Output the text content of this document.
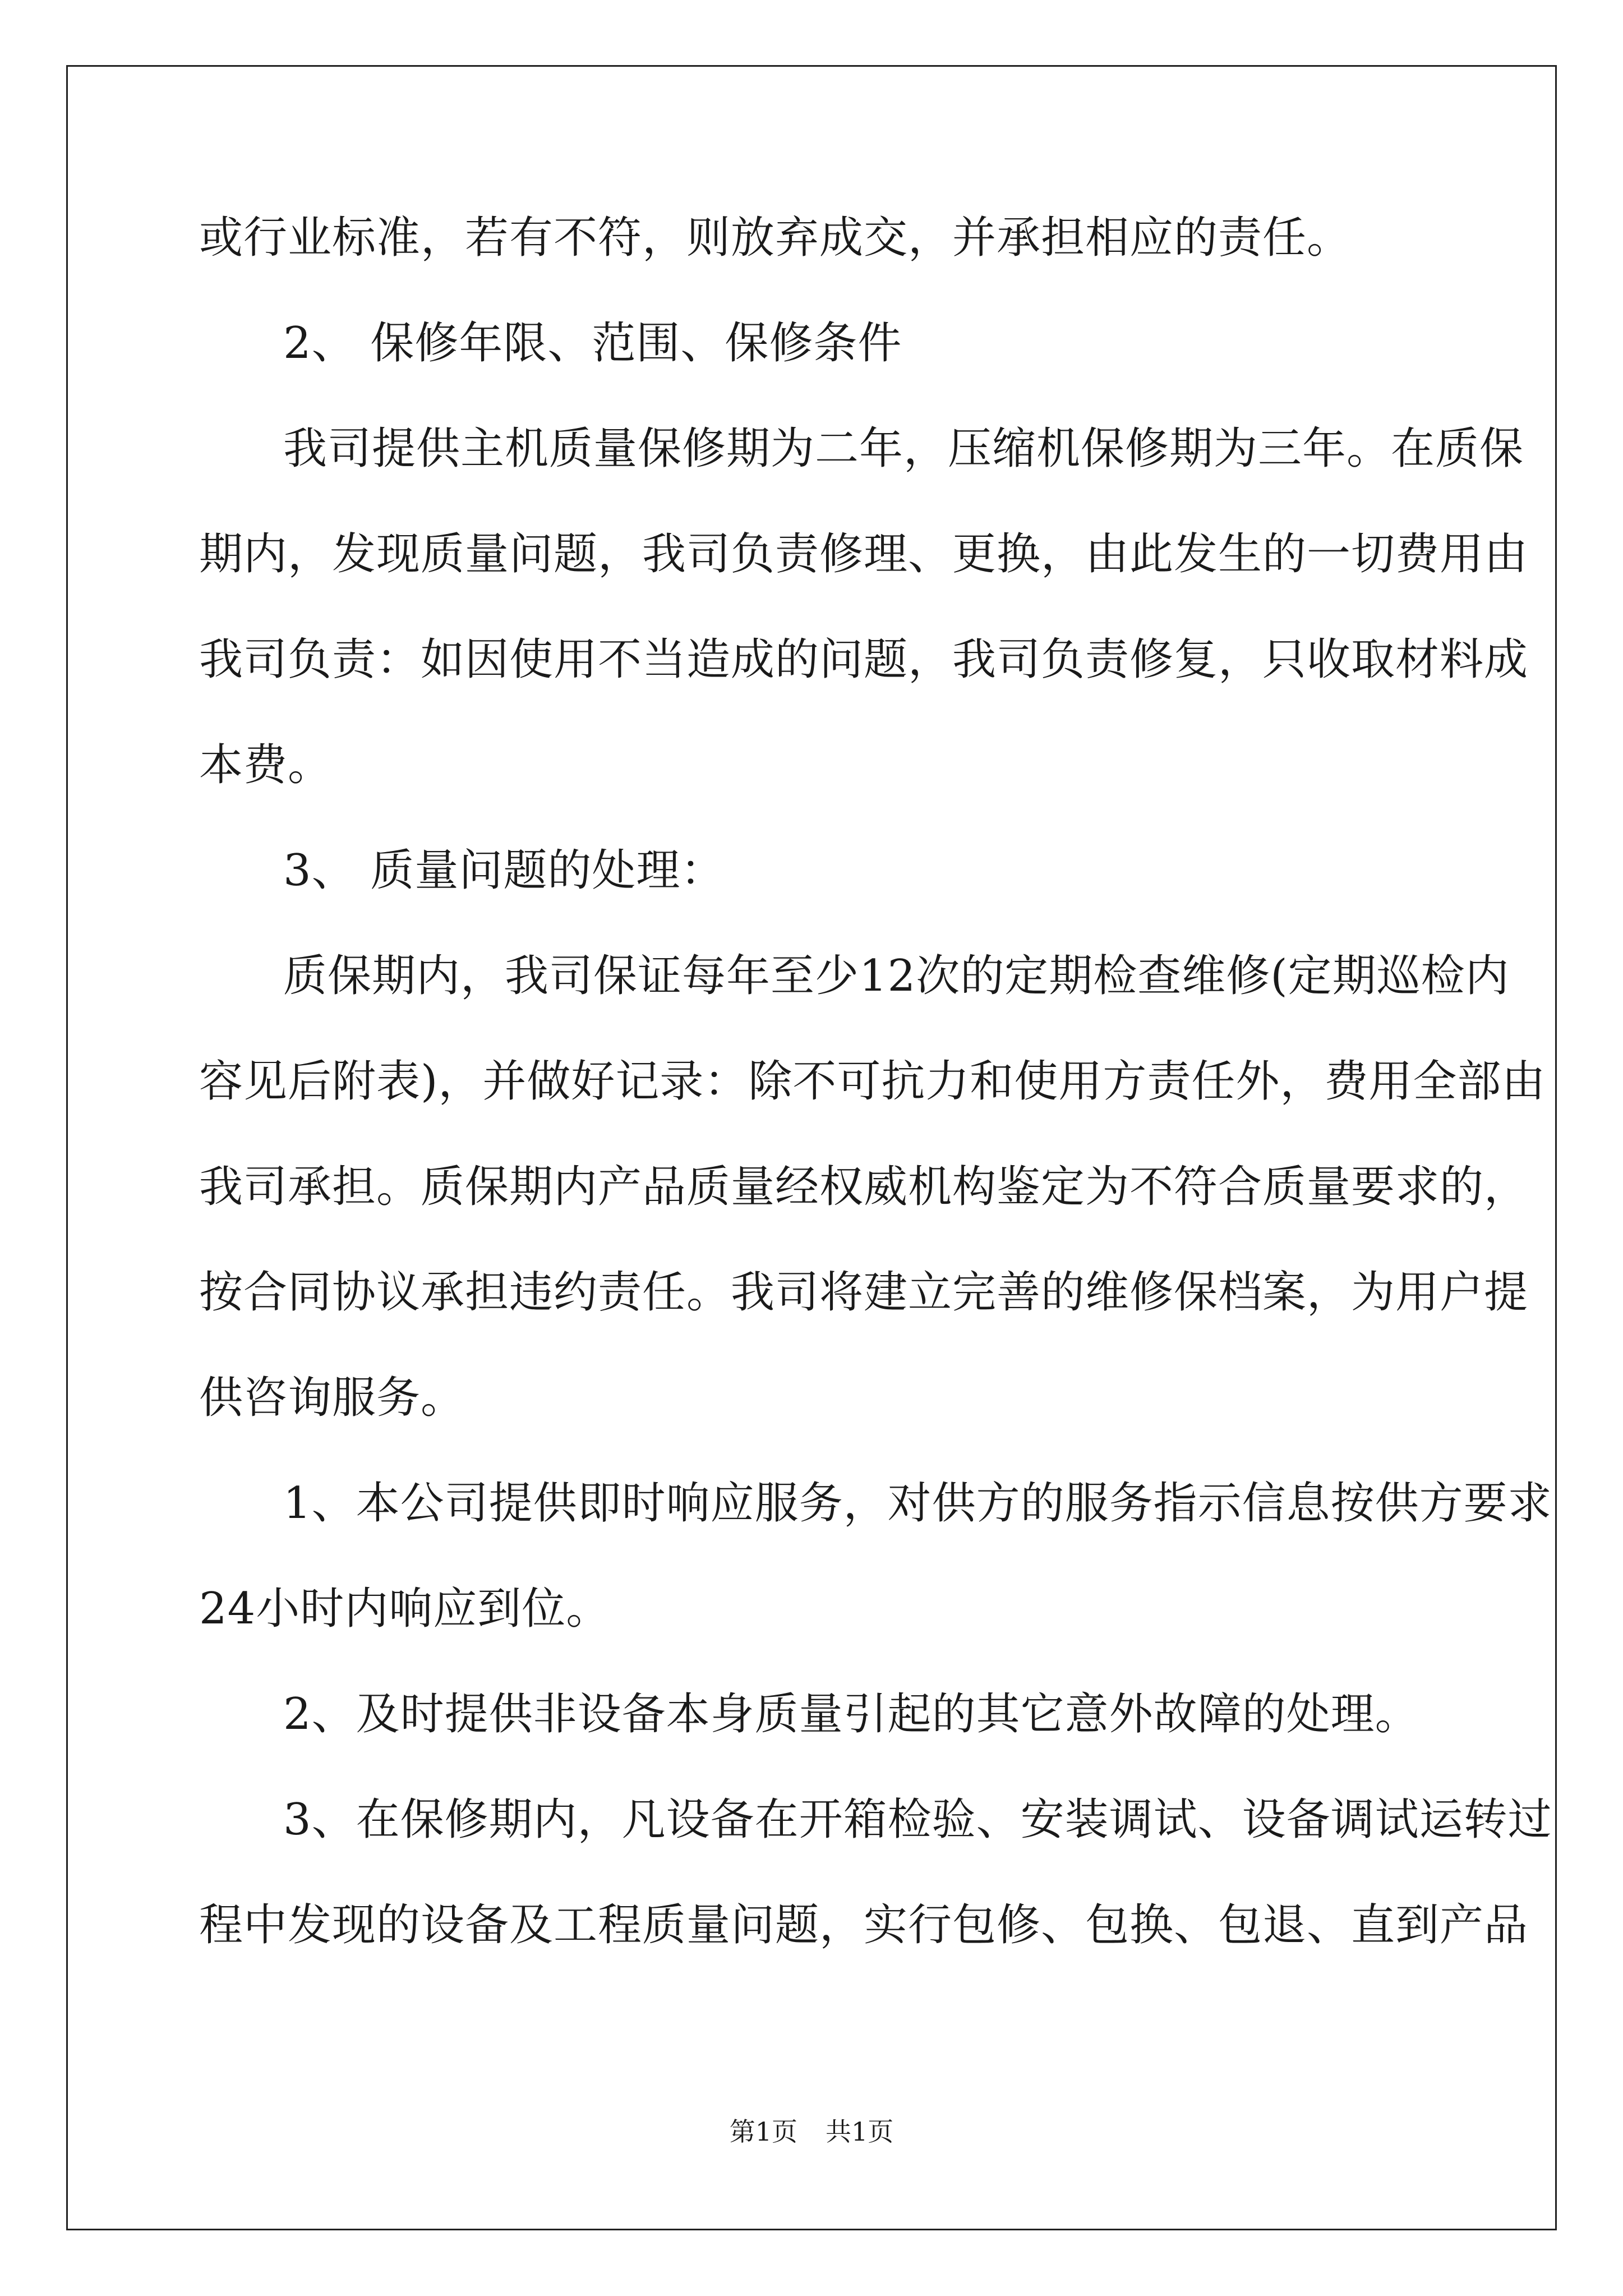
或行业标准，若有不符，则放弃成交，并承担相应的责任。
2、 保修年限、范围、保修条件
我司提供主机质量保修期为二年，压缩机保修期为三年。在质保
期内，发现质量问题，我司负责修理、更换，由此发生的一切费用由
我司负责：如因使用不当造成的问题，我司负责修复，只收取材料成
本费。
3、 质量问题的处理：
质保期内，我司保证每年至少12次的定期检查维修(定期巡检内
容见后附表)，并做好记录：除不可抗力和使用方责任外，费用全部由
我司承担。质保期内产品质量经权威机构鉴定为不符合质量要求的，
按合同协议承担违约责任。我司将建立完善的维修保档案，为用户提
供咨询服务。
1、本公司提供即时响应服务，对供方的服务指示信息按供方要求
24小时内响应到位。
2、及时提供非设备本身质量引起的其它意外故障的处理。
3、在保修期内，凡设备在开箱检验、安装调试、设备调试运转过
程中发现的设备及工程质量问题，实行包修、包换、包退、直到产品
第1页 共1页
